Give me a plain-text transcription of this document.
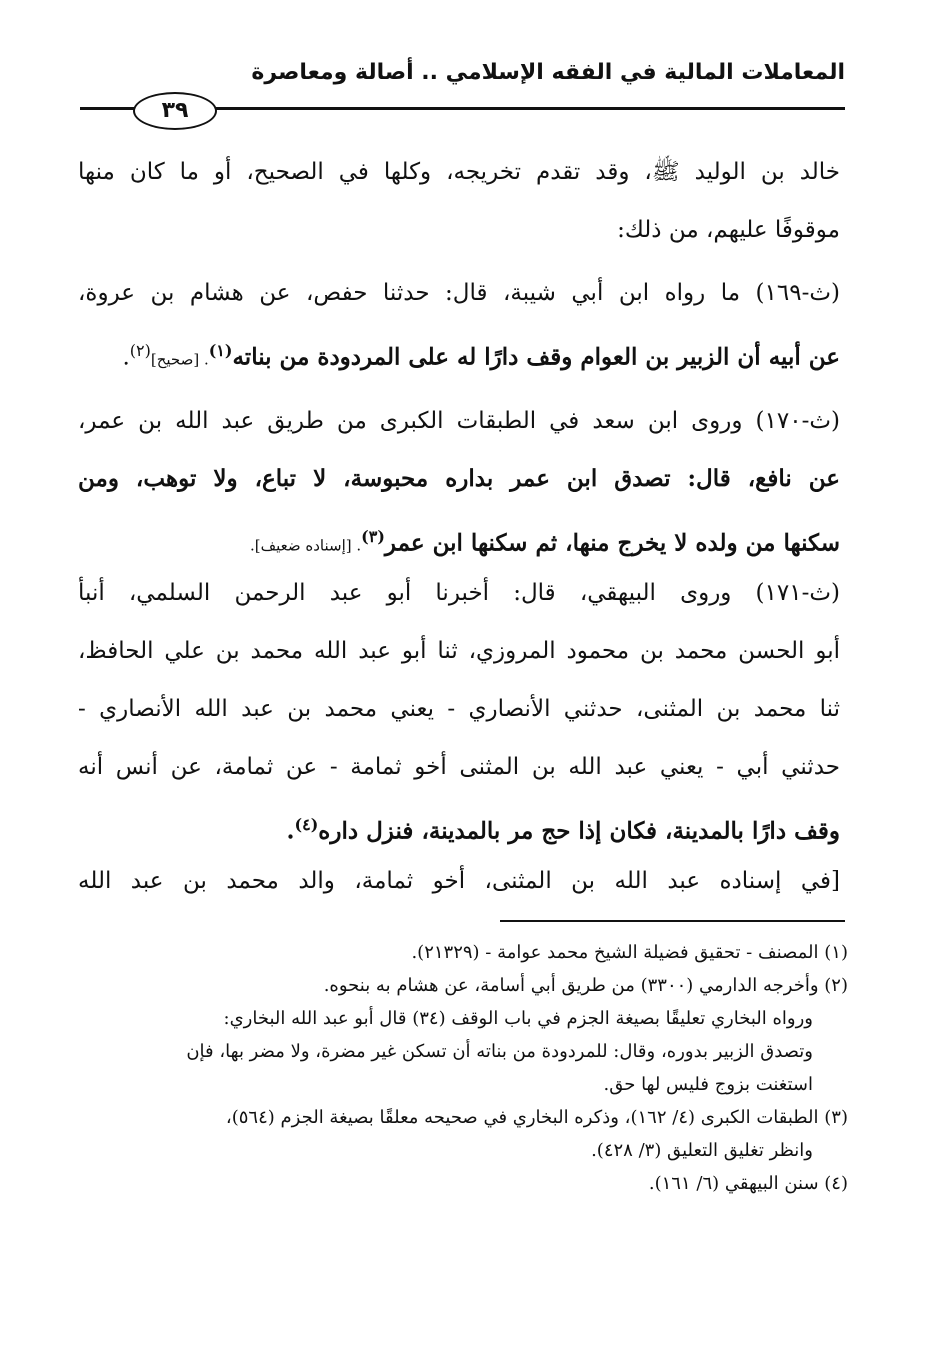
المعاملات المالية في الفقه الإسلامي .. أصالة ومعاصرة
٣٩
خالد بن الوليد ﷺ، وقد تقدم تخريجه، وكلها في الصحيح، أو ما كان منها
موقوفًا عليهم، من ذلك:
(ث-١٦٩) ما رواه ابن أبي شيبة، قال: حدثنا حفص، عن هشام بن عروة،
عن أبيه أن الزبير بن العوام وقف دارًا له على المردودة من بناته$^{(١)}$. [صحيح]$^{(٢)}$.
(ث-١٧٠) وروى ابن سعد في الطبقات الكبرى من طريق عبد الله بن عمر،
عن نافع، قال: تصدق ابن عمر بداره محبوسة، لا تباع، ولا توهب، ومن
سكنها من ولده لا يخرج منها، ثم سكنها ابن عمر$^{(٣)}$. [إسناده ضعيف].
(ث-١٧١) وروى البيهقي، قال: أخبرنا أبو عبد الرحمن السلمي، أنبأ
أبو الحسن محمد بن محمود المروزي، ثنا أبو عبد الله محمد بن علي الحافظ،
ثنا محمد بن المثنى، حدثني الأنصاري - يعني محمد بن عبد الله الأنصاري -
حدثني أبي - يعني عبد الله بن المثنى أخو ثمامة - عن ثمامة، عن أنس أنه
وقف دارًا بالمدينة، فكان إذا حج مر بالمدينة، فنزل داره$^{(٤)}$.
[في إسناده عبد الله بن المثنى، أخو ثمامة، والد محمد بن عبد الله
(١) المصنف - تحقيق فضيلة الشيخ محمد عوامة - (٢١٣٢٩).
(٢) وأخرجه الدارمي (٣٣٠٠) من طريق أبي أسامة، عن هشام به بنحوه.
ورواه البخاري تعليقًا بصيغة الجزم في باب الوقف (٣٤) قال أبو عبد الله البخاري:
وتصدق الزبير بدوره، وقال: للمردودة من بناته أن تسكن غير مضرة، ولا مضر بها، فإن
استغنت بزوج فليس لها حق.
(٣) الطبقات الكبرى (٤/ ١٦٢)، وذكره البخاري في صحيحه معلقًا بصيغة الجزم (٥٦٤)،
وانظر تغليق التعليق (٣/ ٤٢٨).
(٤) سنن البيهقي (٦/ ١٦١).
